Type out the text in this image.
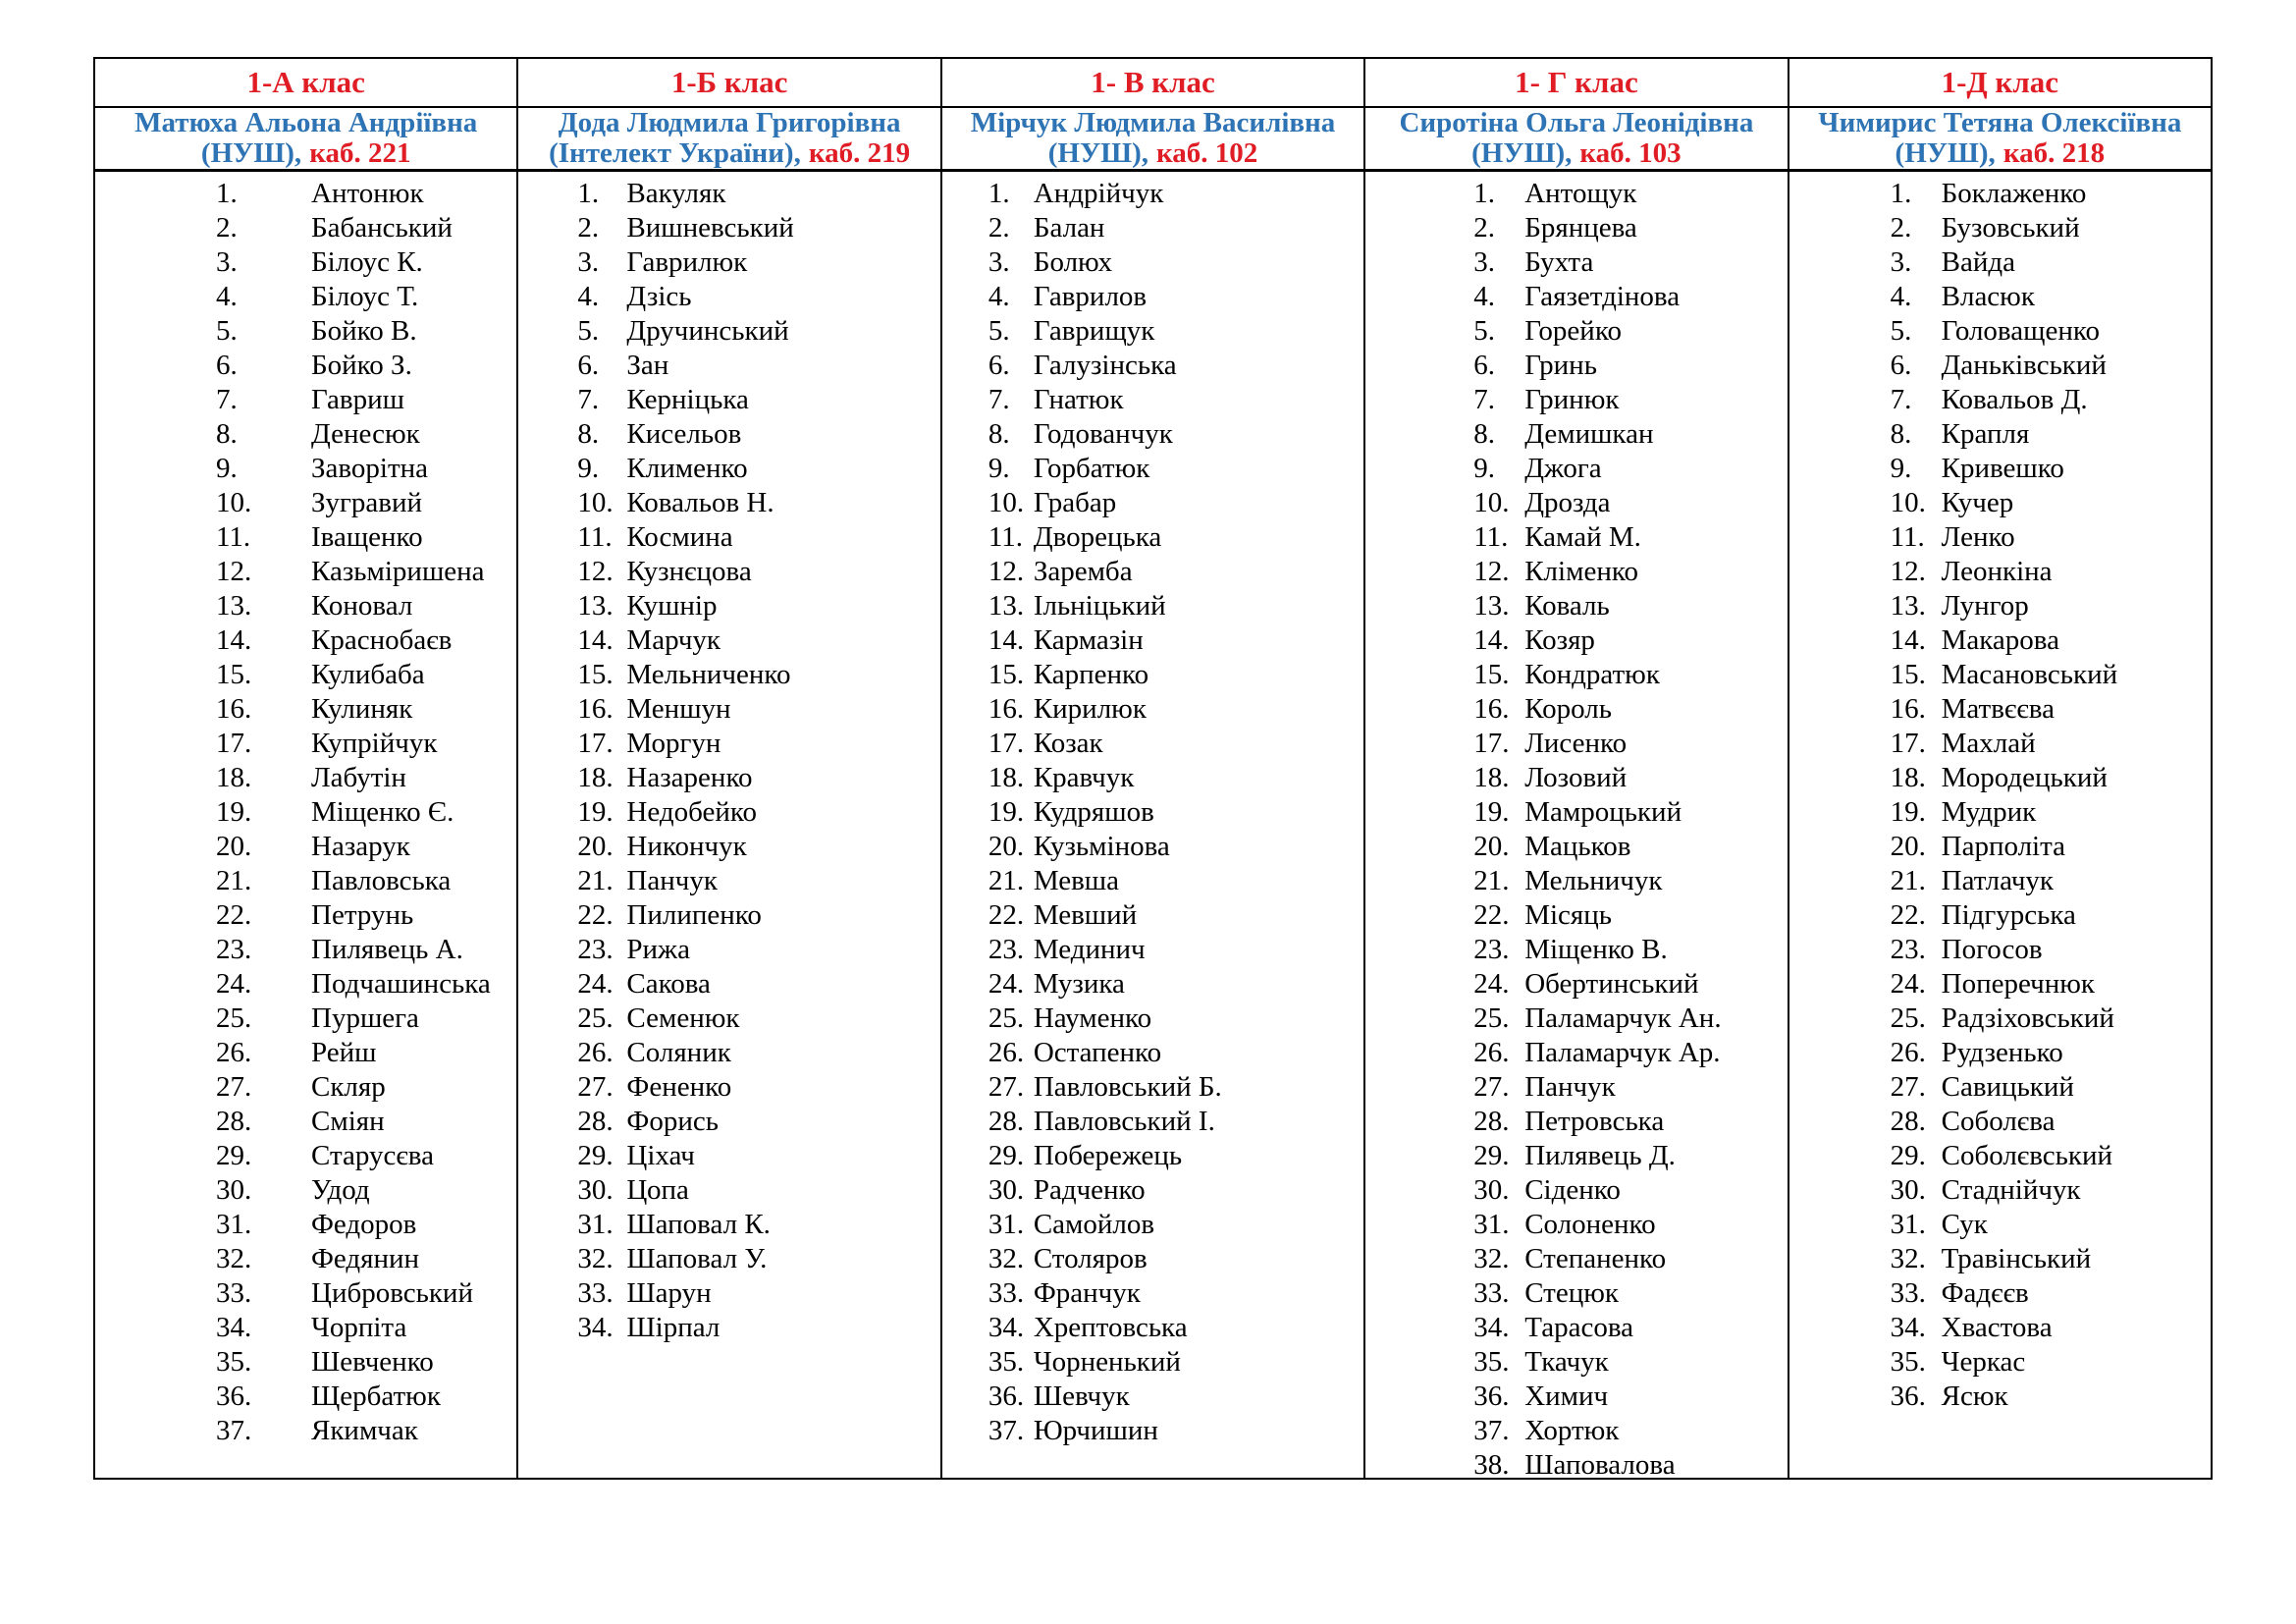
1-А клас
Матюха Альона Андріївна
(НУШ), каб. 221
1.	Антонюк
2.	Бабанський
3.	Білоус К.
4.	Білоус Т.
5.	Бойко В.
6.	Бойко З.
7.	Гавриш
8.	Денесюк
9.	Заворітна
10.	Зугравий
11.	Іващенко
12.	Казьміришена
13.	Коновал
14.	Краснобаєв
15.	Кулибаба
16.	Кулиняк
17.	Купрійчук
18.	Лабутін
19.	Міщенко Є.
20.	Назарук
21.	Павловська
22.	Петрунь
23.	Пилявець А.
24.	Подчашинська
25.	Пуршега
26.	Рейш
27.	Скляр
28.	Сміян
29.	Старусєва
30.	Удод
31.	Федоров
32.	Федянин
33.	Цибровський
34.	Чорпіта
35.	Шевченко
36.	Щербатюк
37.	Якимчак
1-Б клас
Дода Людмила Григорівна
(Інтелект України), каб. 219
1. Вакуляк
2. Вишневський
3. Гаврилюк
4. Дзісь
5. Дручинський
6. Зан
7. Керніцька
8. Кисельов
9. Клименко
10. Ковальов Н.
11. Космина
12. Кузнєцова
13. Кушнір
14. Марчук
15. Мельниченко
16. Меншун
17. Моргун
18. Назаренко
19. Недобейко
20. Никончук
21. Панчук
22. Пилипенко
23. Рижа
24. Сакова
25. Семенюк
26. Соляник
27. Фененко
28. Форись
29. Ціхач
30. Цопа
31. Шаповал К.
32. Шаповал У.
33. Шарун
34. Шірпал
1- В клас
Мірчук Людмила Василівна
(НУШ), каб. 102
1. Андрійчук
2. Балан
3. Болюх
4. Гаврилов
5. Гаврищук
6. Галузінська
7. Гнатюк
8. Годованчук
9. Горбатюк
10. Грабар
11. Дворецька
12. Заремба
13. Ільніцький
14. Кармазін
15. Карпенко
16. Кирилюк
17. Козак
18. Кравчук
19. Кудряшов
20. Кузьмінова
21. Мевша
22. Мевший
23. Мединич
24. Музика
25. Науменко
26. Остапенко
27. Павловський Б.
28. Павловський І.
29. Побережець
30. Радченко
31. Самойлов
32. Столяров
33. Франчук
34. Хрептовська
35. Чорненький
36. Шевчук
37. Юрчишин
1- Г клас
Сиротіна Ольга Леонідівна
(НУШ), каб. 103
1.	Антощук
2.	Брянцева
3.	Бухта
4.	Гаязетдінова
5.	Горейко
6.	Гринь
7.	Гринюк
8.	Демишкан
9.	Джога
10. Дрозда
11. Камай М.
12. Кліменко
13. Коваль
14. Козяр
15. Кондратюк
16. Король
17. Лисенко
18. Лозовий
19. Мамроцький
20. Мацьков
21. Мельничук
22. Місяць
23. Міщенко В.
24. Обертинський
25. Паламарчук Ан.
26. Паламарчук Ар.
27. Панчук
28. Петровська
29. Пилявець Д.
30. Сіденко
31. Солоненко
32. Степаненко
33. Стецюк
34. Тарасова
35. Ткачук
36. Химич
37. Хортюк
38. Шаповалова
1-Д клас
Чимирис Тетяна Олексіївна
(НУШ), каб. 218
1.	Боклаженко
2.	Бузовський
3.	Вайда
4.	Власюк
5.	Головащенко
6.	Даньківський
7.	Ковальов Д.
8.	Крапля
9.	Кривешко
10. Кучер
11. Ленко
12. Леонкіна
13. Лунгор
14. Макарова
15. Масановський
16. Матвєєва
17. Махлай
18. Мородецький
19. Мудрик
20. Парполіта
21. Патлачук
22. Підгурська
23. Погосов
24. Поперечнюк
25. Радзіховський
26. Рудзенько
27. Савицький
28. Соболєва
29. Соболєвський
30. Стаднійчук
31. Сук
32. Травінський
33. Фадєєв
34. Хвастова
35. Черкас
36. Ясюк
